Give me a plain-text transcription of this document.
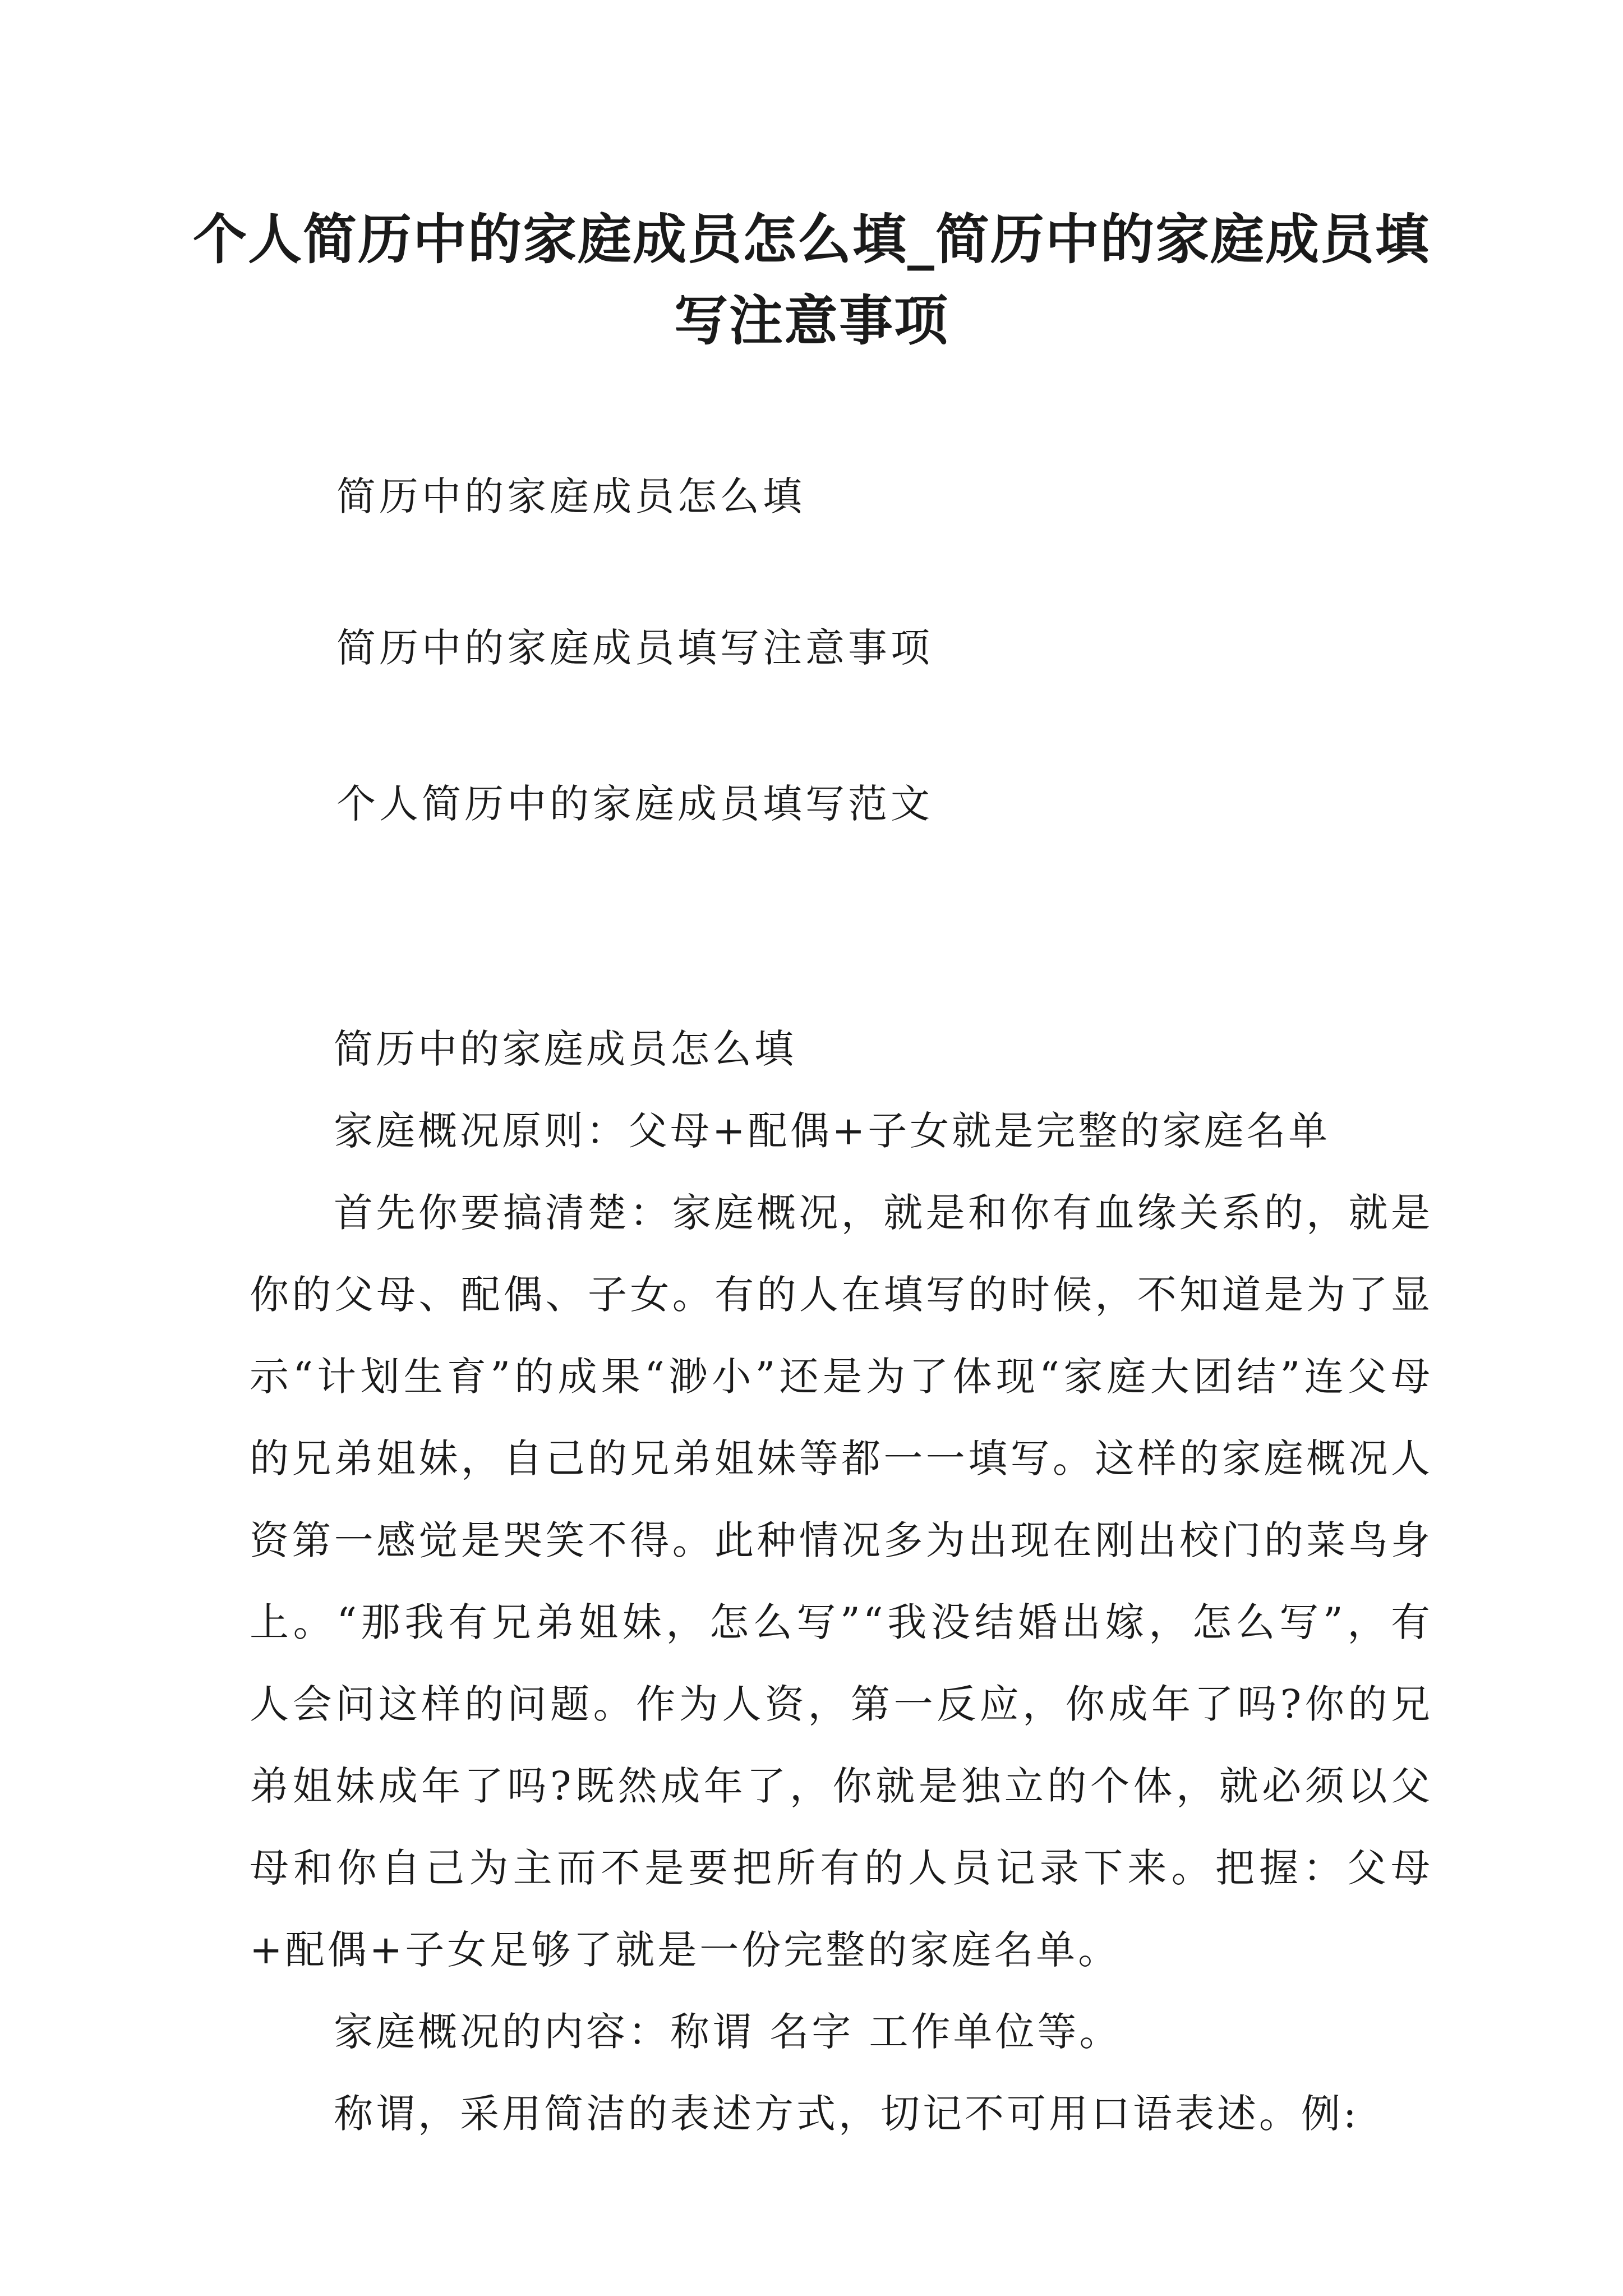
个人简历中的家庭成员怎么填_简历中的家庭成员填写注意事项

简历中的家庭成员怎么填

简历中的家庭成员填写注意事项

个人简历中的家庭成员填写范文

简历中的家庭成员怎么填

家庭概况原则：父母+配偶+子女就是完整的家庭名单

首先你要搞清楚：家庭概况，就是和你有血缘关系的，就是你的父母、配偶、子女。有的人在填写的时候，不知道是为了显示“计划生育”的成果“渺小”还是为了体现“家庭大团结”连父母的兄弟姐妹，自己的兄弟姐妹等都一一填写。这样的家庭概况人资第一感觉是哭笑不得。此种情况多为出现在刚出校门的菜鸟身上。“那我有兄弟姐妹，怎么写”“我没结婚出嫁，怎么写”，有人会问这样的问题。作为人资，第一反应，你成年了吗?你的兄弟姐妹成年了吗?既然成年了，你就是独立的个体，就必须以父母和你自己为主而不是要把所有的人员记录下来。把握：父母+配偶+子女足够了就是一份完整的家庭名单。

家庭概况的内容：称谓 名字 工作单位等。

称谓，采用简洁的表述方式，切记不可用口语表述。例:
